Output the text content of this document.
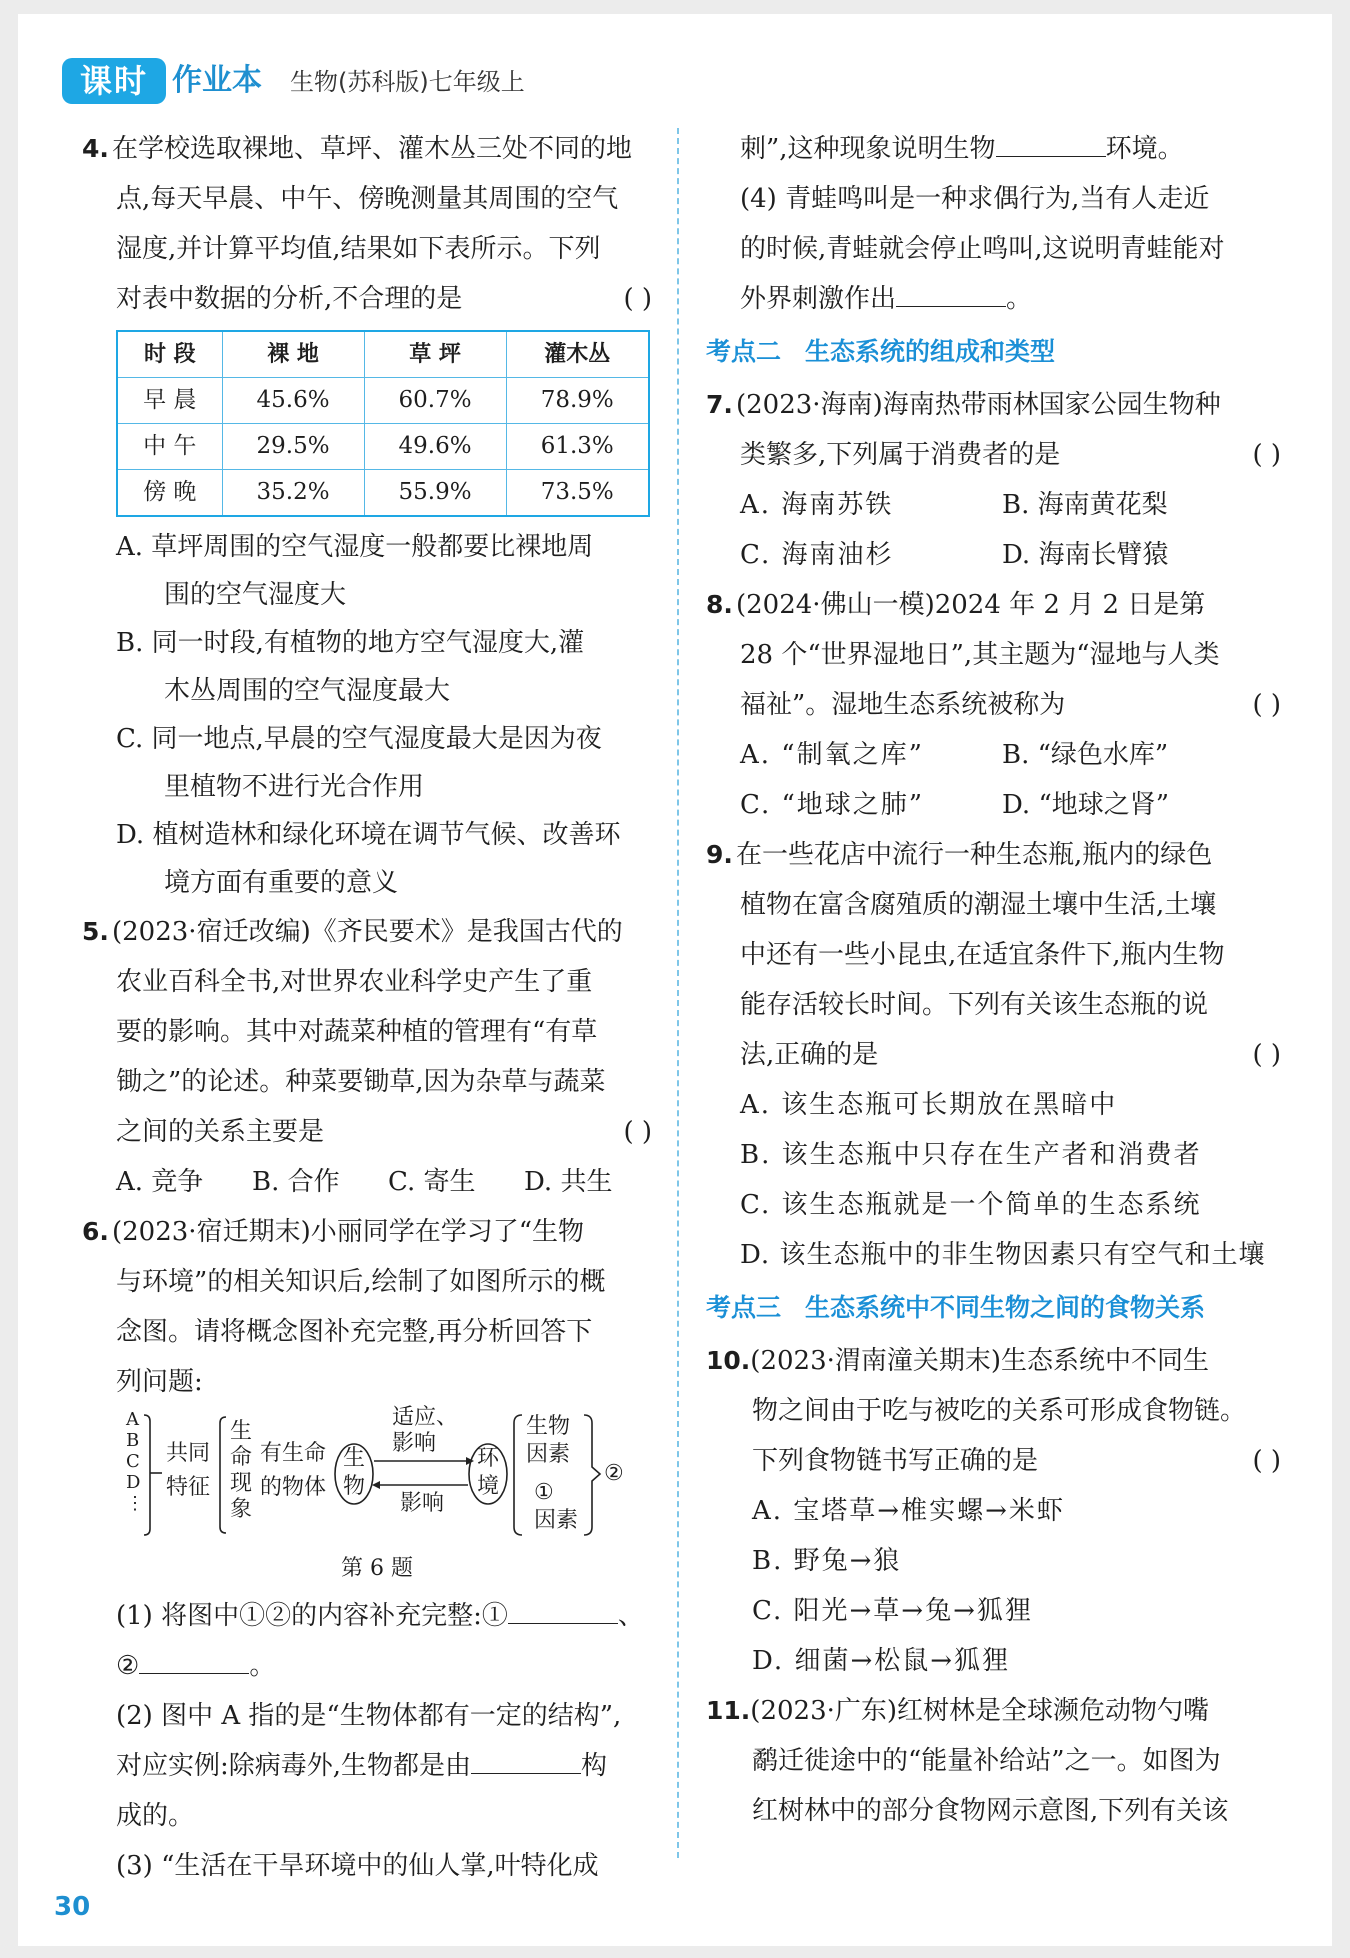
课时 作业本 生物(苏科版)七年级上
4. 在学校选取裸地、草坪、灌木丛三处不同的地
点,每天早晨、中午、傍晚测量其周围的空气
湿度,并计算平均值,结果如下表所示。下列
对表中数据的分析,不合理的是	( )
时 段	裸 地	草 坪	灌木丛
早 晨	45.6%	60.7%	78.9%
中 午	29.5%	49.6%	61.3%
傍 晚	35.2%	55.9%	73.5%
A. 草坪周围的空气湿度一般都要比裸地周
围的空气湿度大
B. 同一时段,有植物的地方空气湿度大,灌
木丛周围的空气湿度最大
C. 同一地点,早晨的空气湿度最大是因为夜
里植物不进行光合作用
D. 植树造林和绿化环境在调节气候、改善环
境方面有重要的意义
5. (2023·宿迁改编)《齐民要术》是我国古代的
农业百科全书,对世界农业科学史产生了重
要的影响。其中对蔬菜种植的管理有“有草
锄之”的论述。种菜要锄草,因为杂草与蔬菜
之间的关系主要是	( )
A. 竞争 B. 合作 C. 寄生 D. 共生
6. (2023·宿迁期末)小丽同学在学习了“生物
与环境”的相关知识后,绘制了如图所示的概
念图。请将概念图补充完整,再分析回答下
列问题:
A B C D ⋮
共同
特征
生
命
现
象
有生命
的物体
生
物
适应、
影响
影响
环
境
生物
因素
①
因素
②
第 6 题
(1) 将图中①②的内容补充完整:①	、
②	。
(2) 图中 A 指的是“生物体都有一定的结构”,
对应实例:除病毒外,生物都是由	构
成的。
(3) “生活在干旱环境中的仙人掌,叶特化成
刺”,这种现象说明生物	环境。
(4) 青蛙鸣叫是一种求偶行为,当有人走近
的时候,青蛙就会停止鸣叫,这说明青蛙能对
外界刺激作出	。
考点二 生态系统的组成和类型
7. (2023·海南)海南热带雨林国家公园生物种
类繁多,下列属于消费者的是	( )
A. 海南苏铁	B. 海南黄花梨
C. 海南油杉	D. 海南长臂猿
8. (2024·佛山一模)2024 年 2 月 2 日是第
28 个“世界湿地日”,其主题为“湿地与人类
福祉”。湿地生态系统被称为	( )
A. “制氧之库”	B. “绿色水库”
C. “地球之肺”	D. “地球之肾”
9. 在一些花店中流行一种生态瓶,瓶内的绿色
植物在富含腐殖质的潮湿土壤中生活,土壤
中还有一些小昆虫,在适宜条件下,瓶内生物
能存活较长时间。下列有关该生态瓶的说
法,正确的是	( )
A. 该生态瓶可长期放在黑暗中
B. 该生态瓶中只存在生产者和消费者
C. 该生态瓶就是一个简单的生态系统
D. 该生态瓶中的非生物因素只有空气和土壤
考点三 生态系统中不同生物之间的食物关系
10.(2023·渭南潼关期末)生态系统中不同生
物之间由于吃与被吃的关系可形成食物链。
下列食物链书写正确的是	( )
A. 宝塔草→椎实螺→米虾
B. 野兔→狼
C. 阳光→草→兔→狐狸
D. 细菌→松鼠→狐狸
11.(2023·广东)红树林是全球濒危动物勺嘴
鹬迁徙途中的“能量补给站”之一。如图为
红树林中的部分食物网示意图,下列有关该
30
